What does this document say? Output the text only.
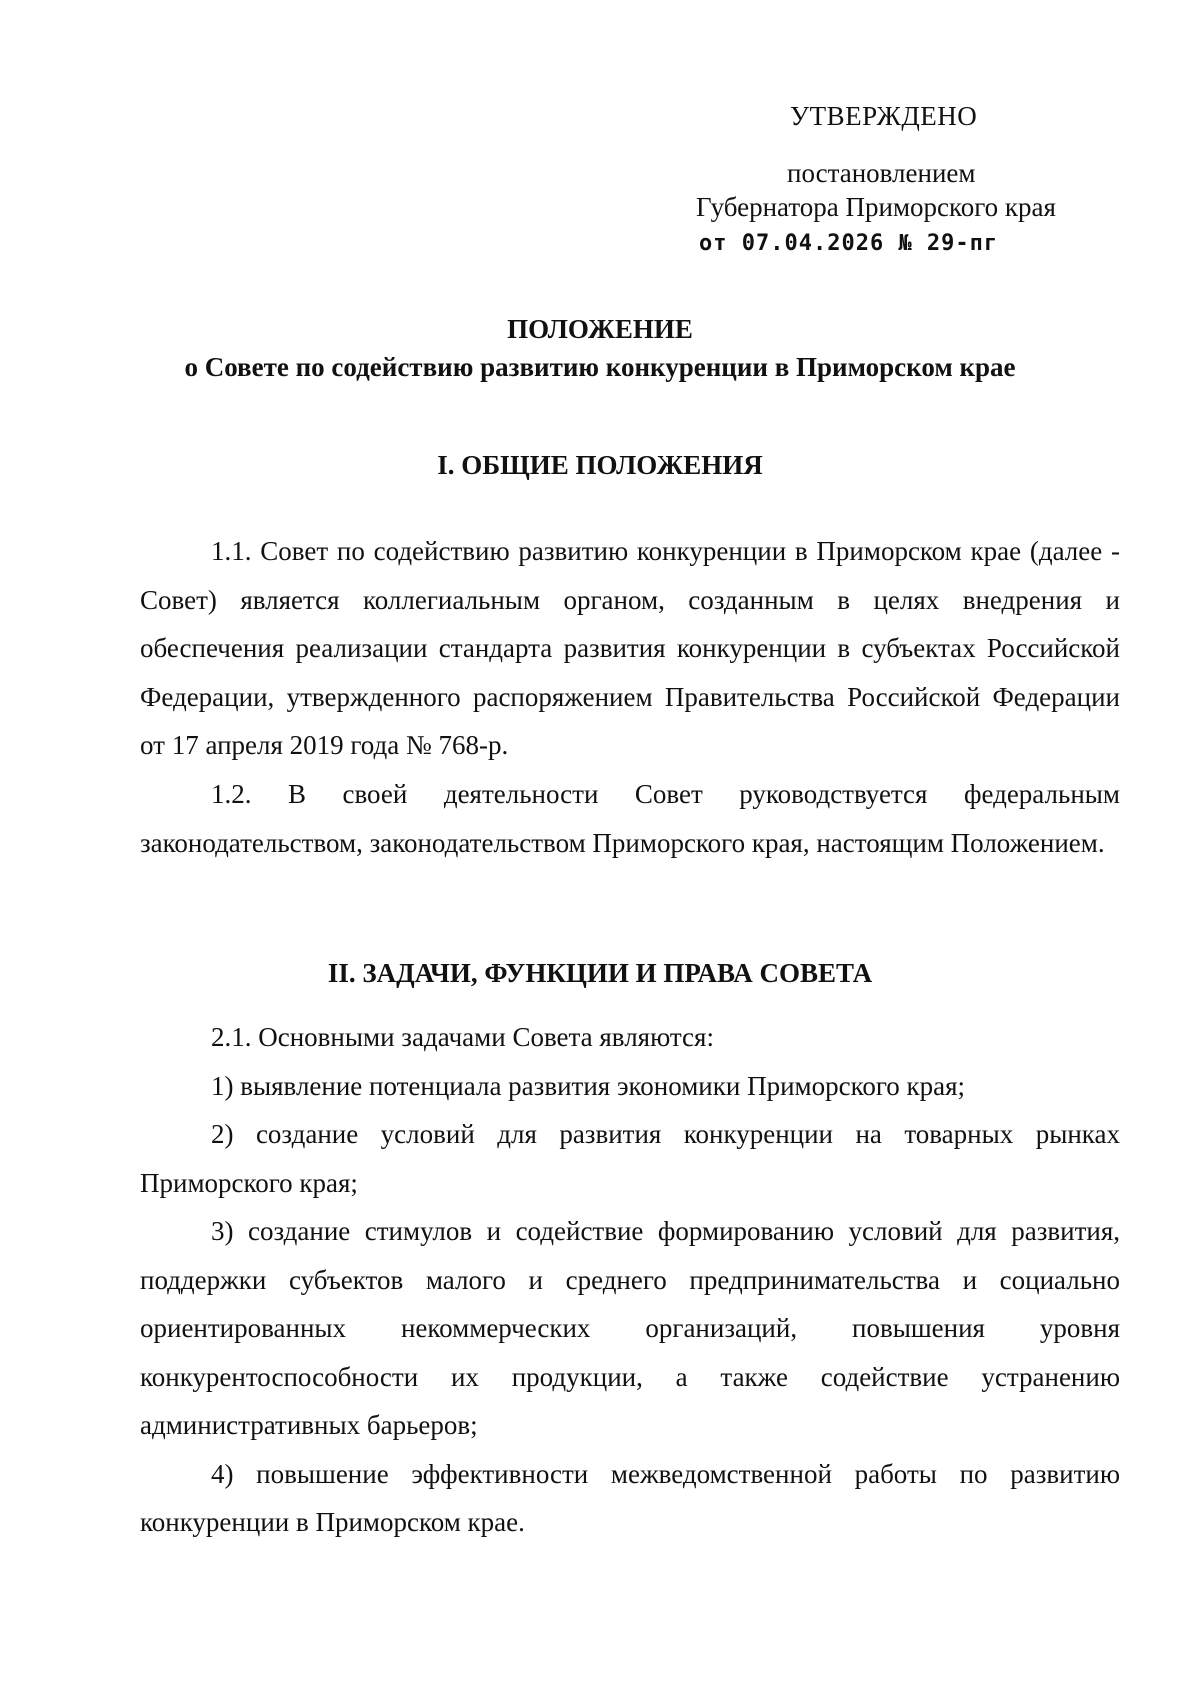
УТВЕРЖДЕНО
постановлением
Губернатора Приморского края
от 07.04.2026 № 29-пг
ПОЛОЖЕНИЕ
о Совете по содействию развитию конкуренции в Приморском крае
I. ОБЩИЕ ПОЛОЖЕНИЯ

1.1. Совет по содействию развитию конкуренции в Приморском крае (далее - Совет) является коллегиальным органом, созданным в целях внедрения и обеспечения реализации стандарта развития конкуренции в субъектах Российской Федерации, утвержденного распоряжением Правительства Российской Федерации от 17 апреля 2019 года № 768-р.

1.2. В своей деятельности Совет руководствуется федеральным законодательством, законодательством Приморского края, настоящим Положением.

II. ЗАДАЧИ, ФУНКЦИИ И ПРАВА СОВЕТА

2.1. Основными задачами Совета являются:

1) выявление потенциала развития экономики Приморского края;

2) создание условий для развития конкуренции на товарных рынках Приморского края;

3) создание стимулов и содействие формированию условий для развития, поддержки субъектов малого и среднего предпринимательства и социально ориентированных некоммерческих организаций, повышения уровня конкурентоспособности их продукции, а также содействие устранению административных барьеров;

4) повышение эффективности межведомственной работы по развитию конкуренции в Приморском крае.
